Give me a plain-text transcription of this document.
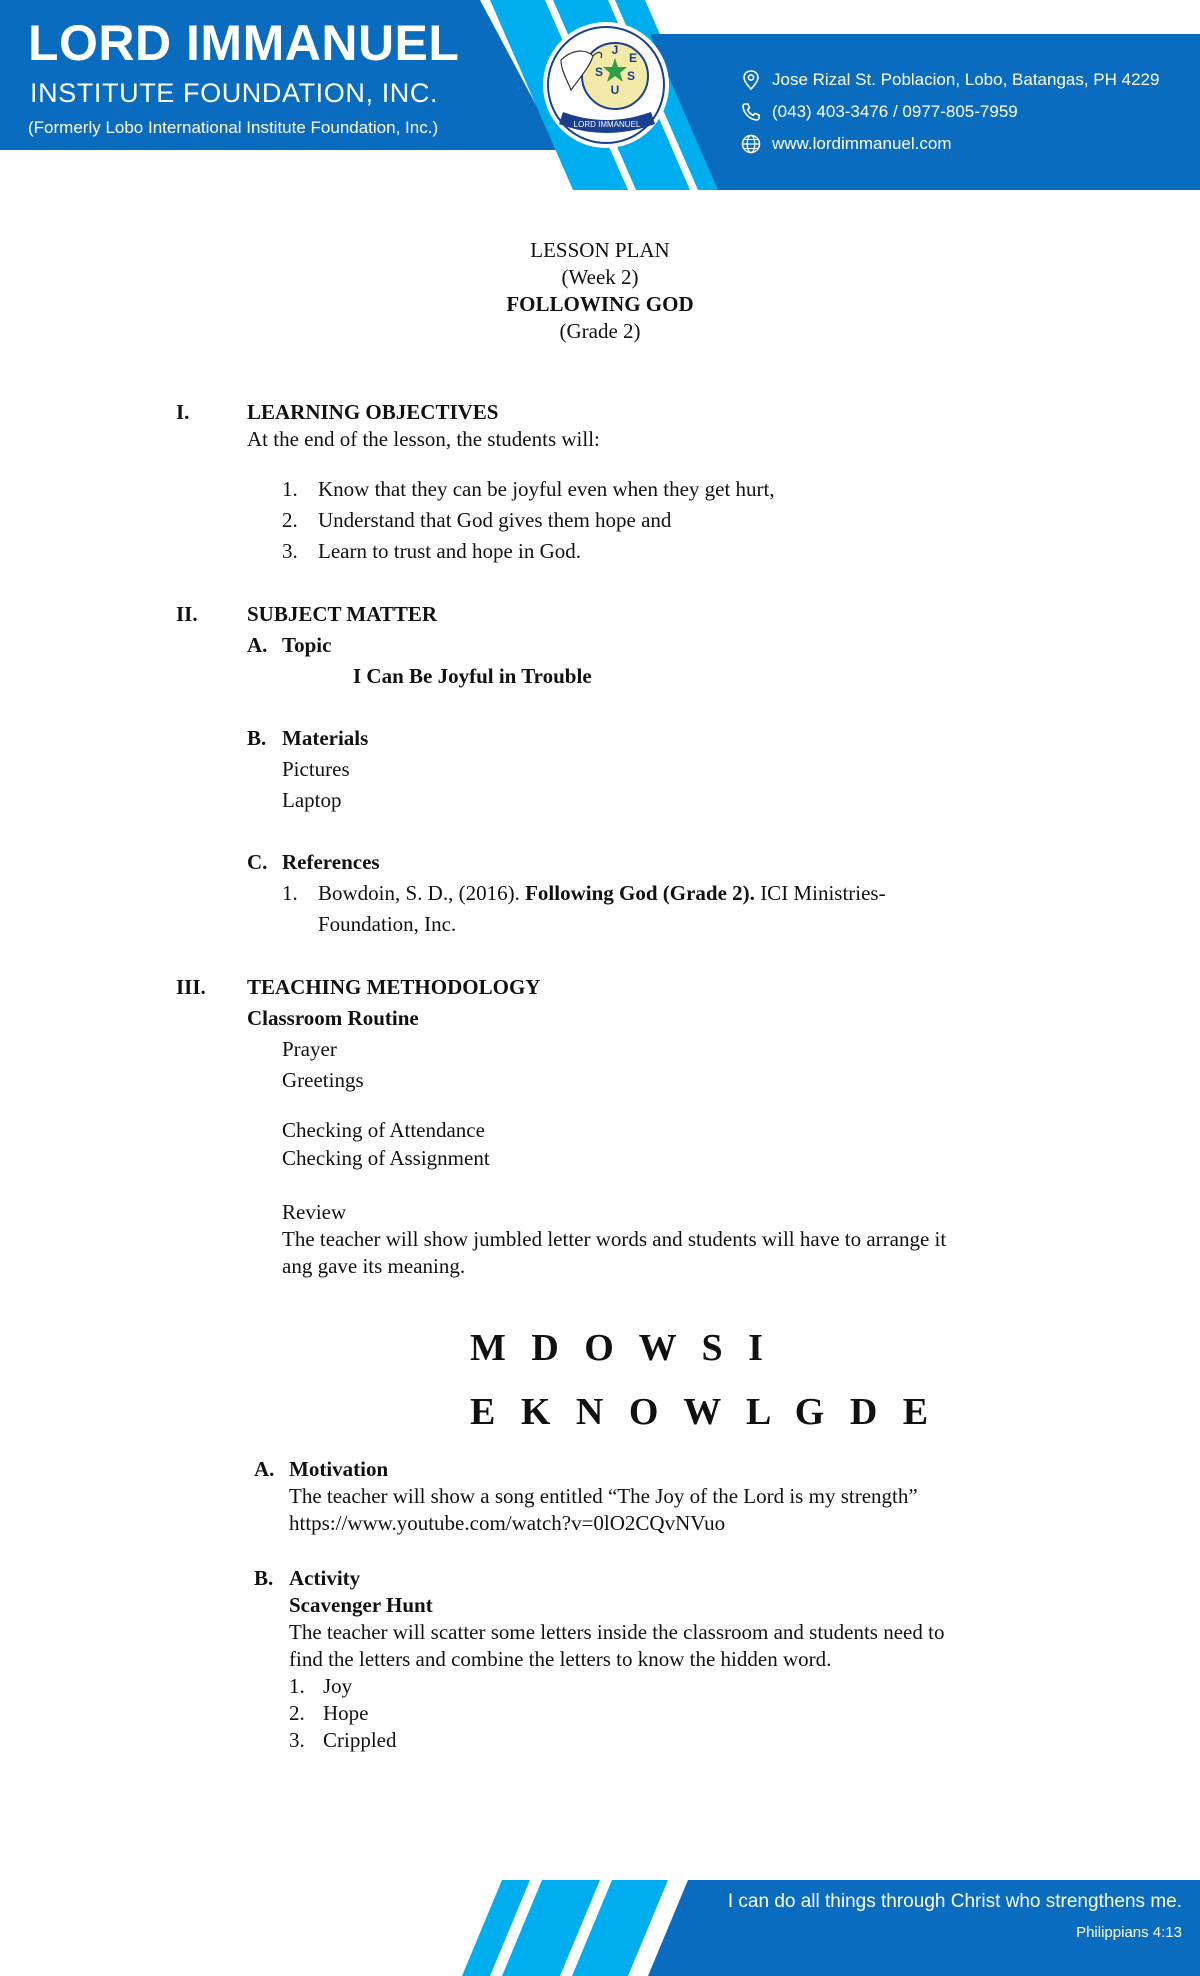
LORD IMMANUEL
INSTITUTE FOUNDATION, INC.
(Formerly Lobo International Institute Foundation, Inc.)
J
E
S
U
S
LORD IMMANUEL
Jose Rizal St. Poblacion, Lobo, Batangas, PH 4229
(043) 403-3476 / 0977-805-7959
www.lordimmanuel.com
LESSON PLAN
(Week 2)
FOLLOWING GOD
(Grade 2)
I.	LEARNING OBJECTIVES
At the end of the lesson, the students will:
1. Know that they can be joyful even when they get hurt,
2. Understand that God gives them hope and
3. Learn to trust and hope in God.
II. SUBJECT MATTER
A. Topic
I Can Be Joyful in Trouble
B. Materials
Pictures
Laptop
C. References
1. Bowdoin, S. D., (2016). Following God (Grade 2). ICI Ministries-
Foundation, Inc.
III. TEACHING METHODOLOGY
Classroom Routine
Prayer
Greetings
Checking of Attendance
Checking of Assignment
Review
The teacher will show jumbled letter words and students will have to arrange it
ang gave its meaning.
M D O W S I
E K N O W L G D E
A. Motivation
The teacher will show a song entitled “The Joy of the Lord is my strength”
https://www.youtube.com/watch?v=0lO2CQvNVuo
B. Activity
Scavenger Hunt
The teacher will scatter some letters inside the classroom and students need to
find the letters and combine the letters to know the hidden word.
1. Joy
2. Hope
3. Crippled
I can do all things through Christ who strengthens me.
Philippians 4:13
